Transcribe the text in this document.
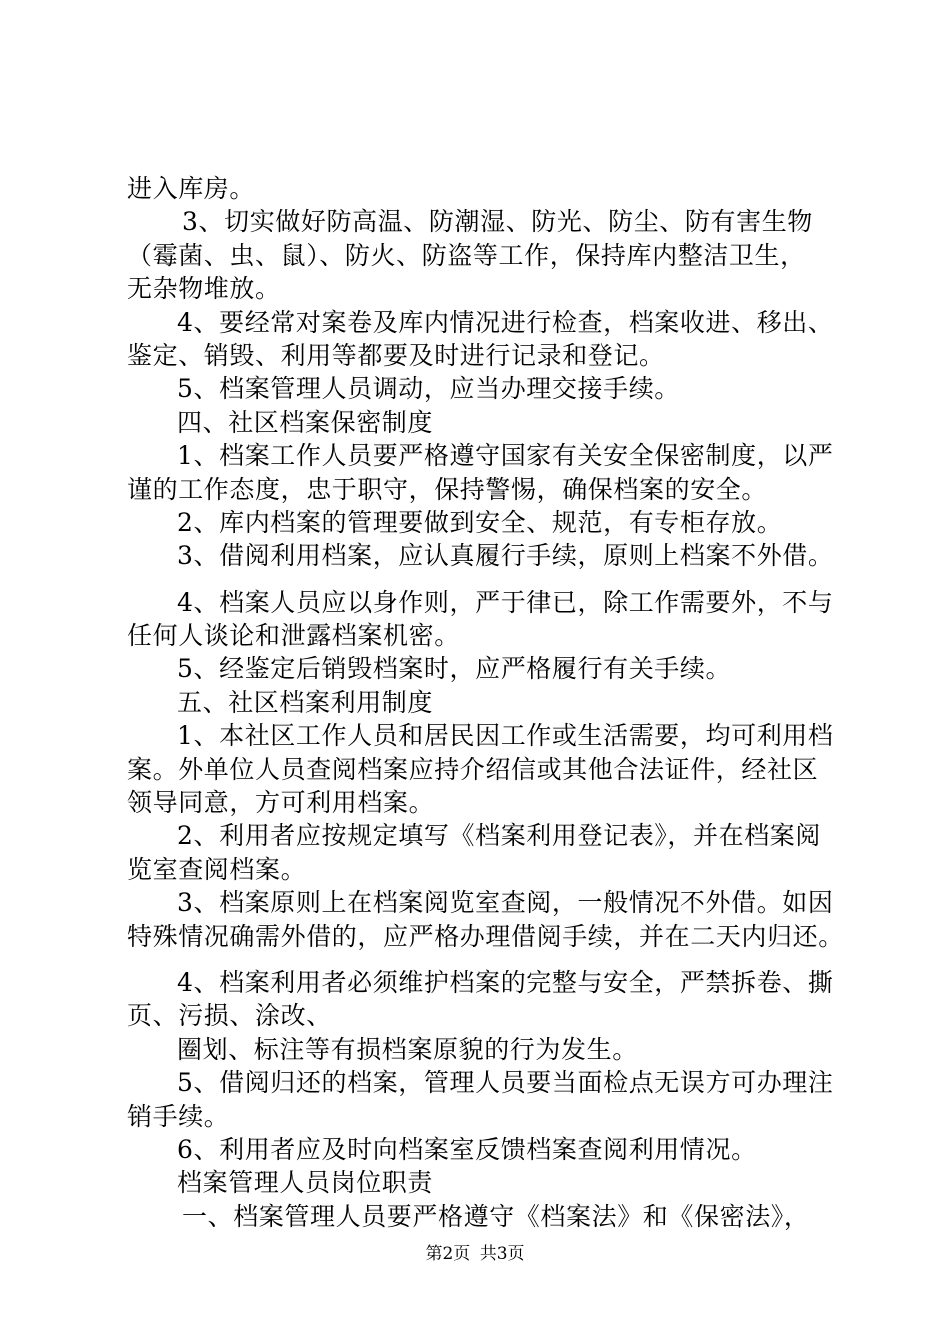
进入库房。
3、切实做好防高温、防潮湿、防光、防尘、防有害生物
（霉菌、虫、鼠）、防火、防盗等工作，保持库内整洁卫生，
无杂物堆放。
4、要经常对案卷及库内情况进行检查，档案收进、移出、
鉴定、销毁、利用等都要及时进行记录和登记。
5、档案管理人员调动，应当办理交接手续。
四、社区档案保密制度
1、档案工作人员要严格遵守国家有关安全保密制度，以严
谨的工作态度，忠于职守，保持警惕，确保档案的安全。
2、库内档案的管理要做到安全、规范，有专柜存放。
3、借阅利用档案，应认真履行手续，原则上档案不外借。
4、档案人员应以身作则，严于律已，除工作需要外，不与
任何人谈论和泄露档案机密。
5、经鉴定后销毁档案时，应严格履行有关手续。
五、社区档案利用制度
1、本社区工作人员和居民因工作或生活需要，均可利用档
案。外单位人员查阅档案应持介绍信或其他合法证件，经社区
领导同意，方可利用档案。
2、利用者应按规定填写《档案利用登记表》，并在档案阅
览室查阅档案。
3、档案原则上在档案阅览室查阅，一般情况不外借。如因
特殊情况确需外借的，应严格办理借阅手续，并在二天内归还。
4、档案利用者必须维护档案的完整与安全，严禁拆卷、撕
页、污损、涂改、
圈划、标注等有损档案原貌的行为发生。
5、借阅归还的档案，管理人员要当面检点无误方可办理注
销手续。
6、利用者应及时向档案室反馈档案查阅利用情况。
档案管理人员岗位职责
一、档案管理人员要严格遵守《档案法》和《保密法》，
第2页 共3页
